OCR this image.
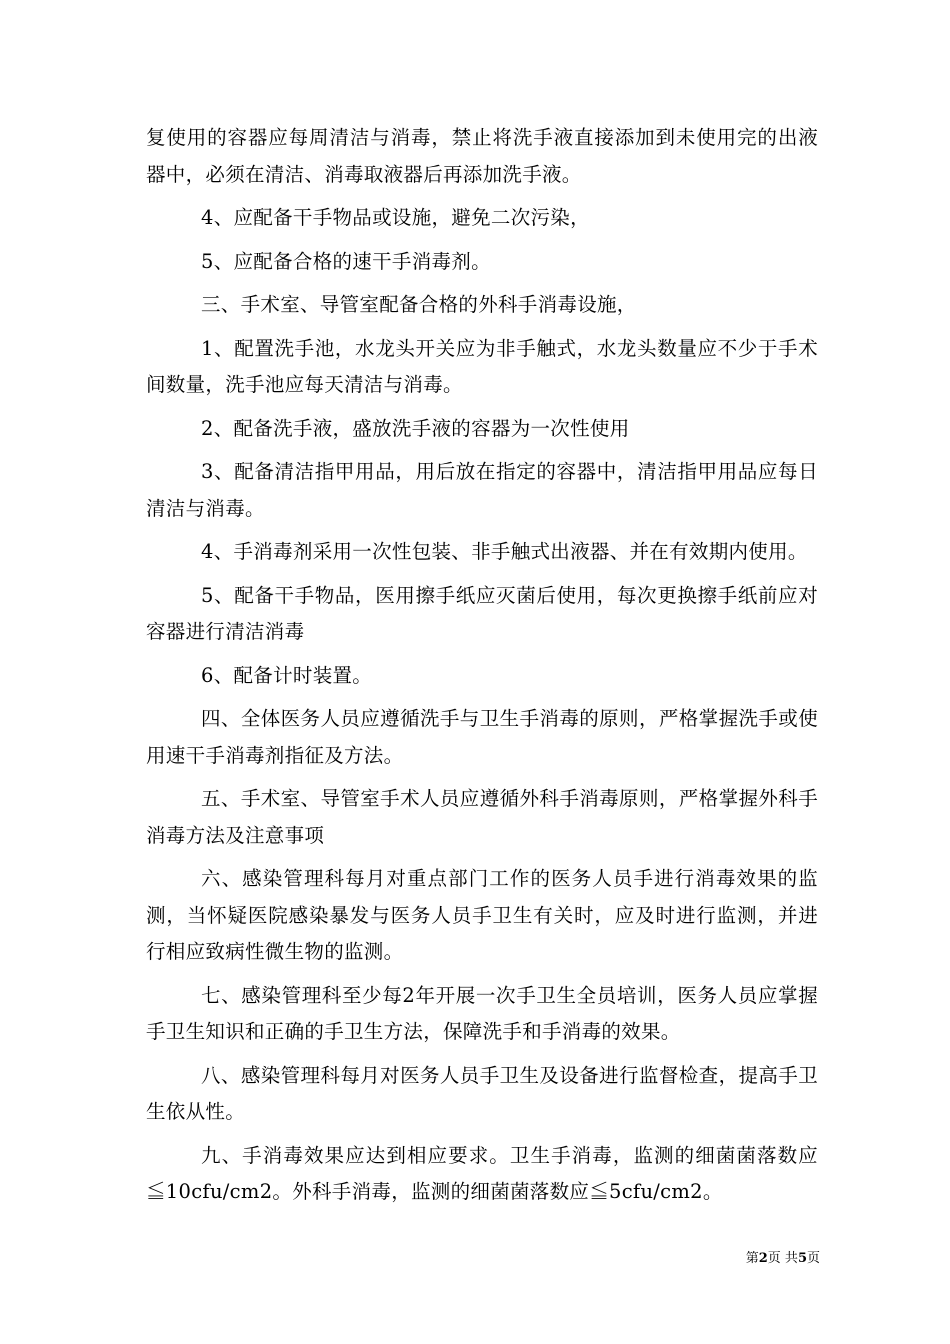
复使用的容器应每周清洁与消毒，禁止将洗手液直接添加到未使用完的出液器中，必须在清洁、消毒取液器后再添加洗手液。

4、应配备干手物品或设施，避免二次污染，

5、应配备合格的速干手消毒剂。

三、手术室、导管室配备合格的外科手消毒设施，

1、配置洗手池，水龙头开关应为非手触式，水龙头数量应不少于手术间数量，洗手池应每天清洁与消毒。

2、配备洗手液，盛放洗手液的容器为一次性使用

3、配备清洁指甲用品，用后放在指定的容器中，清洁指甲用品应每日清洁与消毒。

4、手消毒剂采用一次性包装、非手触式出液器、并在有效期内使用。

5、配备干手物品，医用擦手纸应灭菌后使用，每次更换擦手纸前应对容器进行清洁消毒

6、配备计时装置。

四、全体医务人员应遵循洗手与卫生手消毒的原则，严格掌握洗手或使用速干手消毒剂指征及方法。

五、手术室、导管室手术人员应遵循外科手消毒原则，严格掌握外科手消毒方法及注意事项

六、感染管理科每月对重点部门工作的医务人员手进行消毒效果的监测，当怀疑医院感染暴发与医务人员手卫生有关时，应及时进行监测，并进行相应致病性微生物的监测。

七、感染管理科至少每2年开展一次手卫生全员培训，医务人员应掌握手卫生知识和正确的手卫生方法，保障洗手和手消毒的效果。

八、感染管理科每月对医务人员手卫生及设备进行监督检查，提高手卫生依从性。

九、手消毒效果应达到相应要求。卫生手消毒，监测的细菌菌落数应≦10cfu/cm2。外科手消毒，监测的细菌菌落数应≦5cfu/cm2。

第2页 共5页
